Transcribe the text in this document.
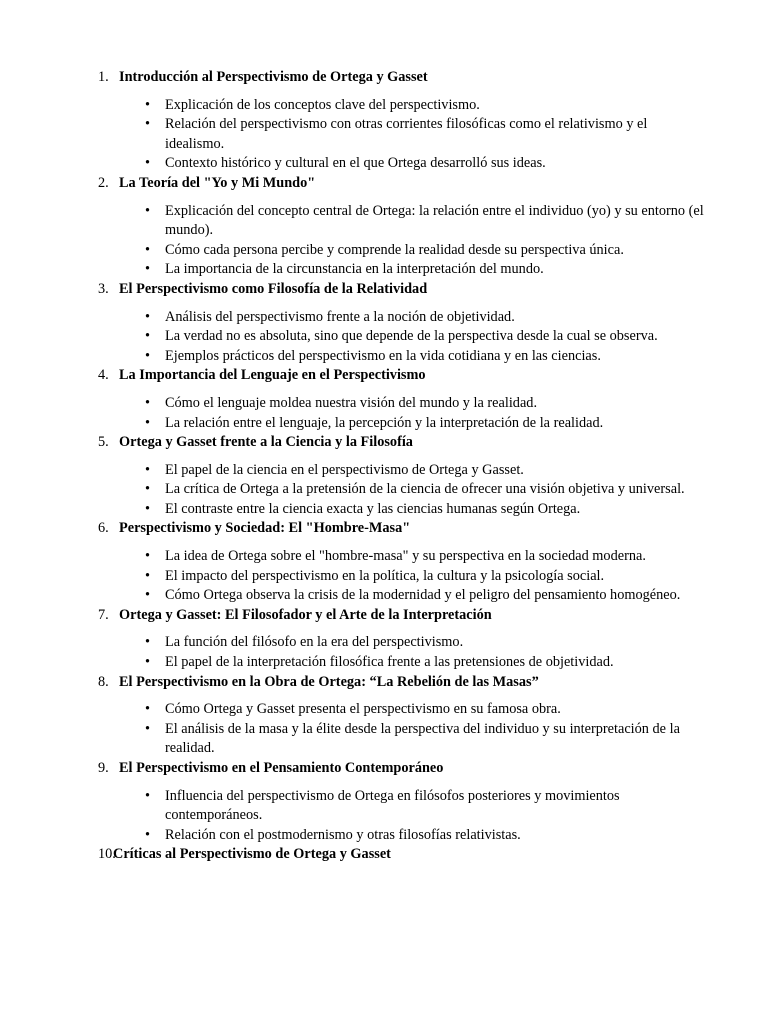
1. Introducción al Perspectivismo de Ortega y Gasset
• Explicación de los conceptos clave del perspectivismo.
• Relación del perspectivismo con otras corrientes filosóficas como el relativismo y el idealismo.
• Contexto histórico y cultural en el que Ortega desarrolló sus ideas.
2. La Teoría del "Yo y Mi Mundo"
• Explicación del concepto central de Ortega: la relación entre el individuo (yo) y su entorno (el mundo).
• Cómo cada persona percibe y comprende la realidad desde su perspectiva única.
• La importancia de la circunstancia en la interpretación del mundo.
3. El Perspectivismo como Filosofía de la Relatividad
• Análisis del perspectivismo frente a la noción de objetividad.
• La verdad no es absoluta, sino que depende de la perspectiva desde la cual se observa.
• Ejemplos prácticos del perspectivismo en la vida cotidiana y en las ciencias.
4. La Importancia del Lenguaje en el Perspectivismo
• Cómo el lenguaje moldea nuestra visión del mundo y la realidad.
• La relación entre el lenguaje, la percepción y la interpretación de la realidad.
5. Ortega y Gasset frente a la Ciencia y la Filosofía
• El papel de la ciencia en el perspectivismo de Ortega y Gasset.
• La crítica de Ortega a la pretensión de la ciencia de ofrecer una visión objetiva y universal.
• El contraste entre la ciencia exacta y las ciencias humanas según Ortega.
6. Perspectivismo y Sociedad: El "Hombre-Masa"
• La idea de Ortega sobre el "hombre-masa" y su perspectiva en la sociedad moderna.
• El impacto del perspectivismo en la política, la cultura y la psicología social.
• Cómo Ortega observa la crisis de la modernidad y el peligro del pensamiento homogéneo.
7. Ortega y Gasset: El Filosofador y el Arte de la Interpretación
• La función del filósofo en la era del perspectivismo.
• El papel de la interpretación filosófica frente a las pretensiones de objetividad.
8. El Perspectivismo en la Obra de Ortega: “La Rebelión de las Masas”
• Cómo Ortega y Gasset presenta el perspectivismo en su famosa obra.
• El análisis de la masa y la élite desde la perspectiva del individuo y su interpretación de la realidad.
9. El Perspectivismo en el Pensamiento Contemporáneo
• Influencia del perspectivismo de Ortega en filósofos posteriores y movimientos contemporáneos.
• Relación con el postmodernismo y otras filosofías relativistas.
10.
Críticas al Perspectivismo de Ortega y Gasset
